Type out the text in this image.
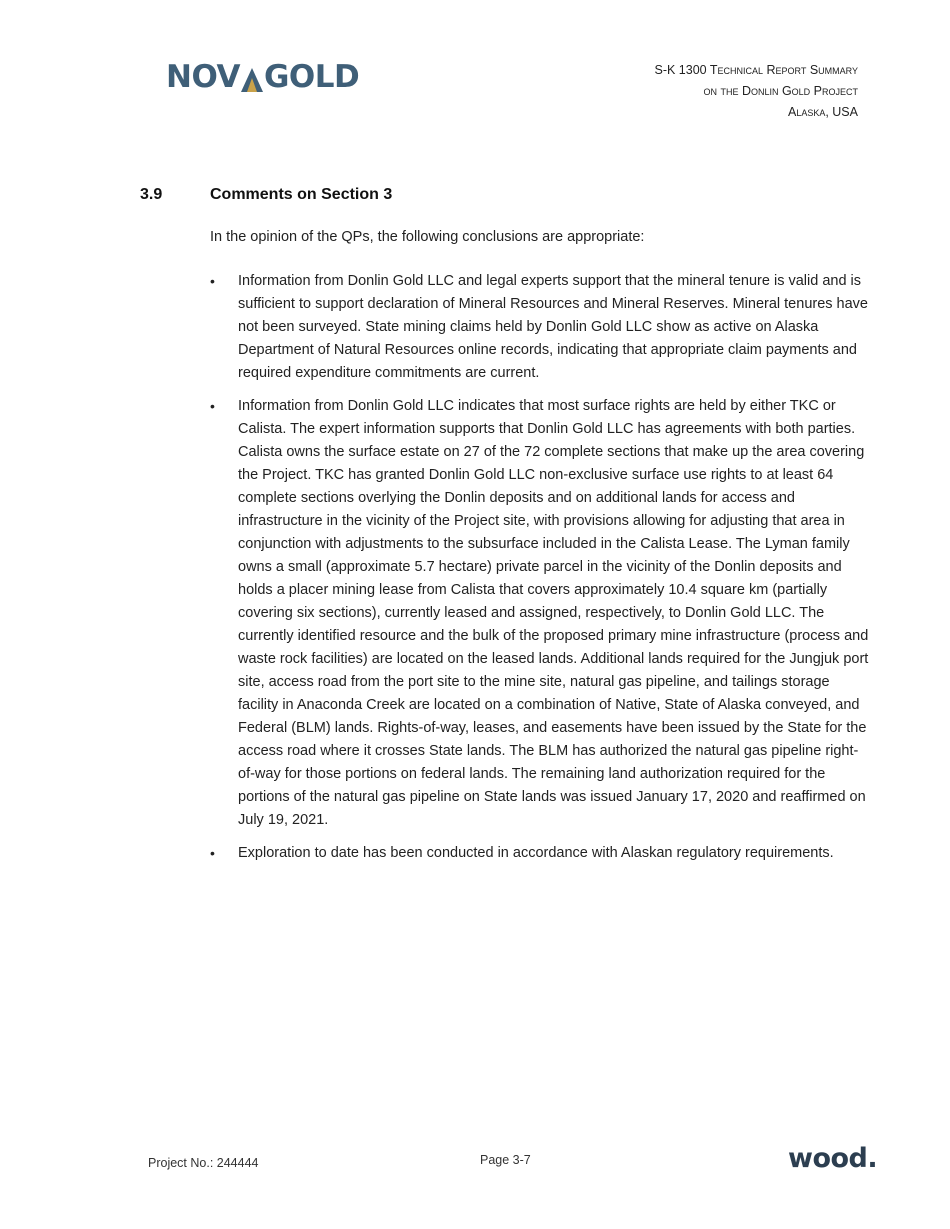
NOV GOLD	S-K 1300 Technical Report Summary
on the Donlin Gold Project
Alaska, USA
3.9	Comments on Section 3
In the opinion of the QPs, the following conclusions are appropriate:
• Information from Donlin Gold LLC and legal experts support that the mineral tenure is valid and is sufficient to support declaration of Mineral Resources and Mineral Reserves. Mineral tenures have not been surveyed. State mining claims held by Donlin Gold LLC show as active on Alaska Department of Natural Resources online records, indicating that appropriate claim payments and required expenditure commitments are current.
• Information from Donlin Gold LLC indicates that most surface rights are held by either TKC or Calista. The expert information supports that Donlin Gold LLC has agreements with both parties. Calista owns the surface estate on 27 of the 72 complete sections that make up the area covering the Project. TKC has granted Donlin Gold LLC non-exclusive surface use rights to at least 64 complete sections overlying the Donlin deposits and on additional lands for access and infrastructure in the vicinity of the Project site, with provisions allowing for adjusting that area in conjunction with adjustments to the subsurface included in the Calista Lease. The Lyman family owns a small (approximate 5.7 hectare) private parcel in the vicinity of the Donlin deposits and holds a placer mining lease from Calista that covers approximately 10.4 square km (partially covering six sections), currently leased and assigned, respectively, to Donlin Gold LLC. The currently identified resource and the bulk of the proposed primary mine infrastructure (process and waste rock facilities) are located on the leased lands. Additional lands required for the Jungjuk port site, access road from the port site to the mine site, natural gas pipeline, and tailings storage facility in Anaconda Creek are located on a combination of Native, State of Alaska conveyed, and Federal (BLM) lands. Rights-of-way, leases, and easements have been issued by the State for the access road where it crosses State lands. The BLM has authorized the natural gas pipeline right-of-way for those portions on federal lands. The remaining land authorization required for the portions of the natural gas pipeline on State lands was issued January 17, 2020 and reaffirmed on July 19, 2021.
• Exploration to date has been conducted in accordance with Alaskan regulatory requirements.
Project No.: 244444	Page 3-7	wood.
